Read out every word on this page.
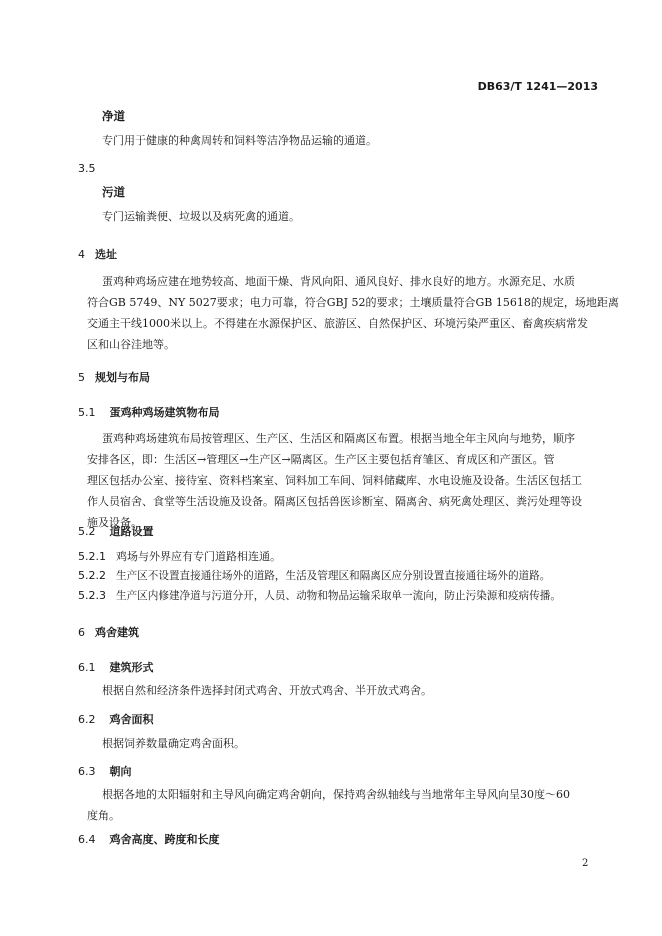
DB63/T 1241—2013
净道
专门用于健康的种禽周转和饲料等洁净物品运输的通道。
3.5
污道
专门运输粪便、垃圾以及病死禽的通道。
4 选址
蛋鸡种鸡场应建在地势较高、地面干燥、背风向阳、通风良好、排水良好的地方。水源充足、水质
符合GB 5749、NY 5027要求；电力可靠，符合GBJ 52的要求；土壤质量符合GB 15618的规定，场地距离
交通主干线1000米以上。不得建在水源保护区、旅游区、自然保护区、环境污染严重区、畜禽疾病常发
区和山谷洼地等。
5 规划与布局
5.1 蛋鸡种鸡场建筑物布局
蛋鸡种鸡场建筑布局按管理区、生产区、生活区和隔离区布置。根据当地全年主风向与地势，顺序
安排各区，即：生活区→管理区→生产区→隔离区。生产区主要包括育雏区、育成区和产蛋区。管
理区包括办公室、接待室、资料档案室、饲料加工车间、饲料储藏库、水电设施及设备。生活区包括工
作人员宿舍、食堂等生活设施及设备。隔离区包括兽医诊断室、隔离舍、病死禽处理区、粪污处理等设
施及设备。
5.2 道路设置
5.2.1 鸡场与外界应有专门道路相连通。
5.2.2 生产区不设置直接通往场外的道路，生活及管理区和隔离区应分别设置直接通往场外的道路。
5.2.3 生产区内修建净道与污道分开，人员、动物和物品运输采取单一流向，防止污染源和疫病传播。
6 鸡舍建筑
6.1 建筑形式
根据自然和经济条件选择封闭式鸡舍、开放式鸡舍、半开放式鸡舍。
6.2 鸡舍面积
根据饲养数量确定鸡舍面积。
6.3 朝向
根据各地的太阳辐射和主导风向确定鸡舍朝向，保持鸡舍纵轴线与当地常年主导风向呈30度～60
度角。
6.4 鸡舍高度、跨度和长度
2
